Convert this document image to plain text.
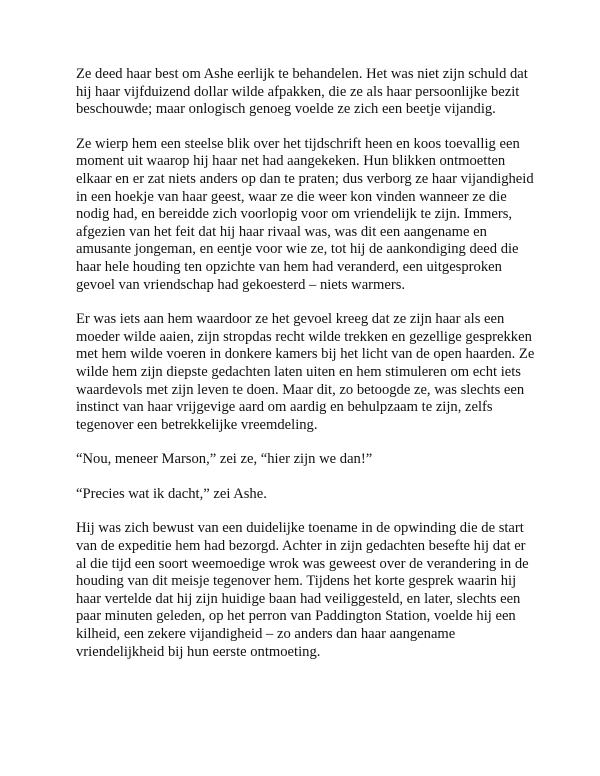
Ze deed haar best om Ashe eerlijk te behandelen. Het was niet zijn schuld dat hij haar vijfduizend dollar wilde afpakken, die ze als haar persoonlijke bezit beschouwde; maar onlogisch genoeg voelde ze zich een beetje vijandig.

Ze wierp hem een steelse blik over het tijdschrift heen en koos toevallig een moment uit waarop hij haar net had aangekeken. Hun blikken ontmoetten elkaar en er zat niets anders op dan te praten; dus verborg ze haar vijandigheid in een hoekje van haar geest, waar ze die weer kon vinden wanneer ze die nodig had, en bereidde zich voorlopig voor om vriendelijk te zijn. Immers, afgezien van het feit dat hij haar rivaal was, was dit een aangename en amusante jongeman, en eentje voor wie ze, tot hij de aankondiging deed die haar hele houding ten opzichte van hem had veranderd, een uitgesproken gevoel van vriendschap had gekoesterd – niets warmers.

Er was iets aan hem waardoor ze het gevoel kreeg dat ze zijn haar als een moeder wilde aaien, zijn stropdas recht wilde trekken en gezellige gesprekken met hem wilde voeren in donkere kamers bij het licht van de open haarden. Ze wilde hem zijn diepste gedachten laten uiten en hem stimuleren om echt iets waardevols met zijn leven te doen. Maar dit, zo betoogde ze, was slechts een instinct van haar vrijgevige aard om aardig en behulpzaam te zijn, zelfs tegenover een betrekkelijke vreemdeling.

“Nou, meneer Marson,” zei ze, “hier zijn we dan!”

“Precies wat ik dacht,” zei Ashe.

Hij was zich bewust van een duidelijke toename in de opwinding die de start van de expeditie hem had bezorgd. Achter in zijn gedachten besefte hij dat er al die tijd een soort weemoedige wrok was geweest over de verandering in de houding van dit meisje tegenover hem. Tijdens het korte gesprek waarin hij haar vertelde dat hij zijn huidige baan had veiliggesteld, en later, slechts een paar minuten geleden, op het perron van Paddington Station, voelde hij een kilheid, een zekere vijandigheid – zo anders dan haar aangename vriendelijkheid bij hun eerste ontmoeting.
